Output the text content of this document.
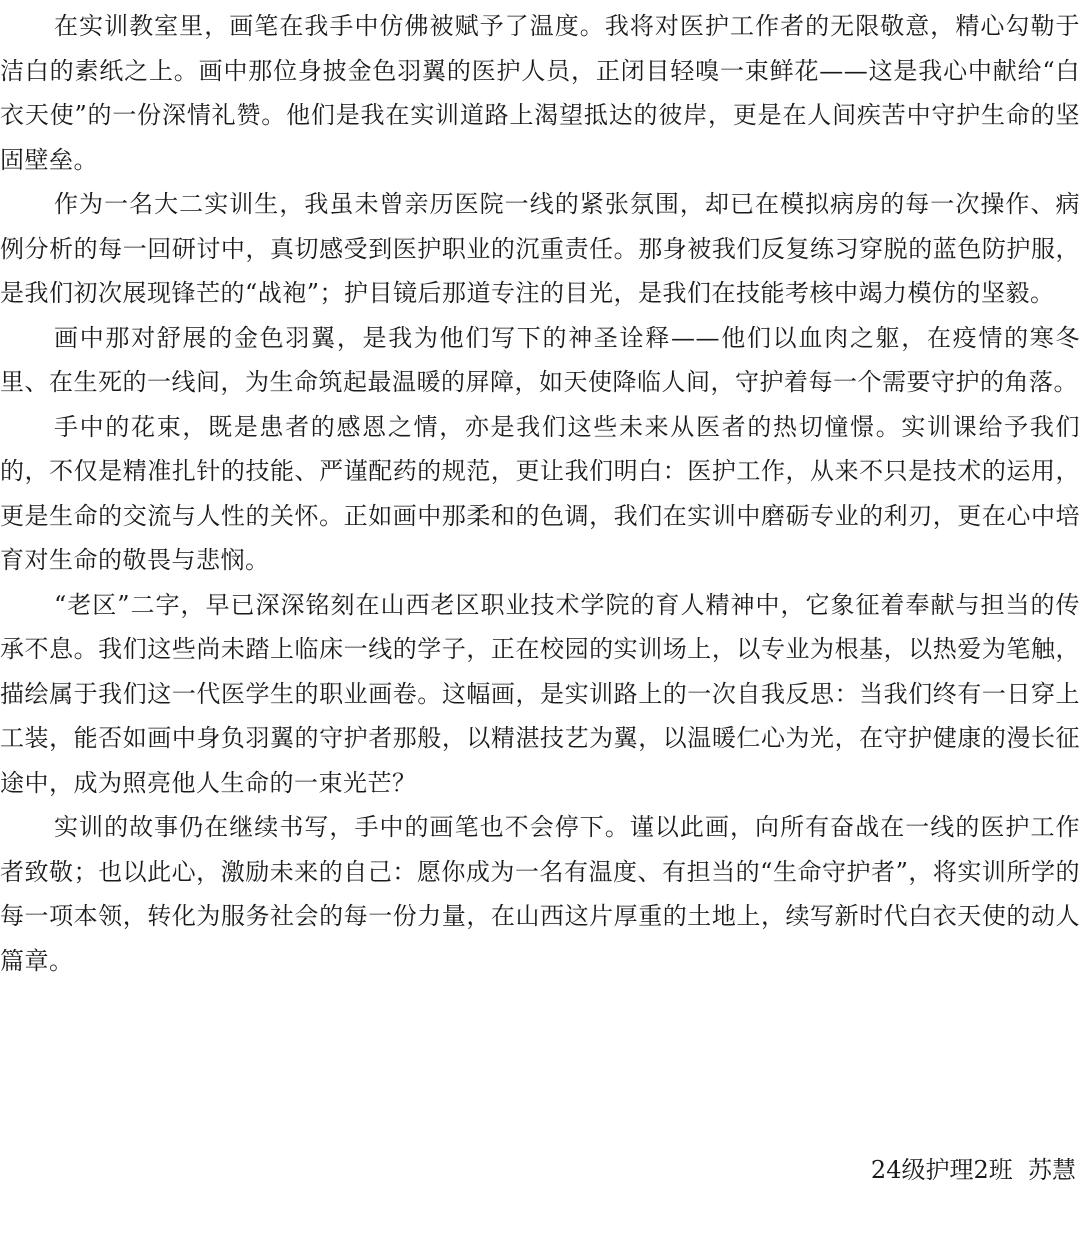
在实训教室里，画笔在我手中仿佛被赋予了温度。我将对医护工作者的无限敬意，精心勾勒于洁白的素纸之上。画中那位身披金色羽翼的医护人员，正闭目轻嗅一束鲜花——这是我心中献给“白衣天使”的一份深情礼赞。他们是我在实训道路上渴望抵达的彼岸，更是在人间疾苦中守护生命的坚固壁垒。

作为一名大二实训生，我虽未曾亲历医院一线的紧张氛围，却已在模拟病房的每一次操作、病例分析的每一回研讨中，真切感受到医护职业的沉重责任。那身被我们反复练习穿脱的蓝色防护服，是我们初次展现锋芒的“战袍”；护目镜后那道专注的目光，是我们在技能考核中竭力模仿的坚毅。

画中那对舒展的金色羽翼，是我为他们写下的神圣诠释——他们以血肉之躯，在疫情的寒冬里、在生死的一线间，为生命筑起最温暖的屏障，如天使降临人间，守护着每一个需要守护的角落。

手中的花束，既是患者的感恩之情，亦是我们这些未来从医者的热切憧憬。实训课给予我们的，不仅是精准扎针的技能、严谨配药的规范，更让我们明白：医护工作，从来不只是技术的运用，更是生命的交流与人性的关怀。正如画中那柔和的色调，我们在实训中磨砺专业的利刃，更在心中培育对生命的敬畏与悲悯。

“老区”二字，早已深深铭刻在山西老区职业技术学院的育人精神中，它象征着奉献与担当的传承不息。我们这些尚未踏上临床一线的学子，正在校园的实训场上，以专业为根基，以热爱为笔触，描绘属于我们这一代医学生的职业画卷。这幅画，是实训路上的一次自我反思：当我们终有一日穿上工装，能否如画中身负羽翼的守护者那般，以精湛技艺为翼，以温暖仁心为光，在守护健康的漫长征途中，成为照亮他人生命的一束光芒？

实训的故事仍在继续书写，手中的画笔也不会停下。谨以此画，向所有奋战在一线的医护工作者致敬；也以此心，激励未来的自己：愿你成为一名有温度、有担当的“生命守护者”，将实训所学的每一项本领，转化为服务社会的每一份力量，在山西这片厚重的土地上，续写新时代白衣天使的动人篇章。

24级护理2班  苏慧
